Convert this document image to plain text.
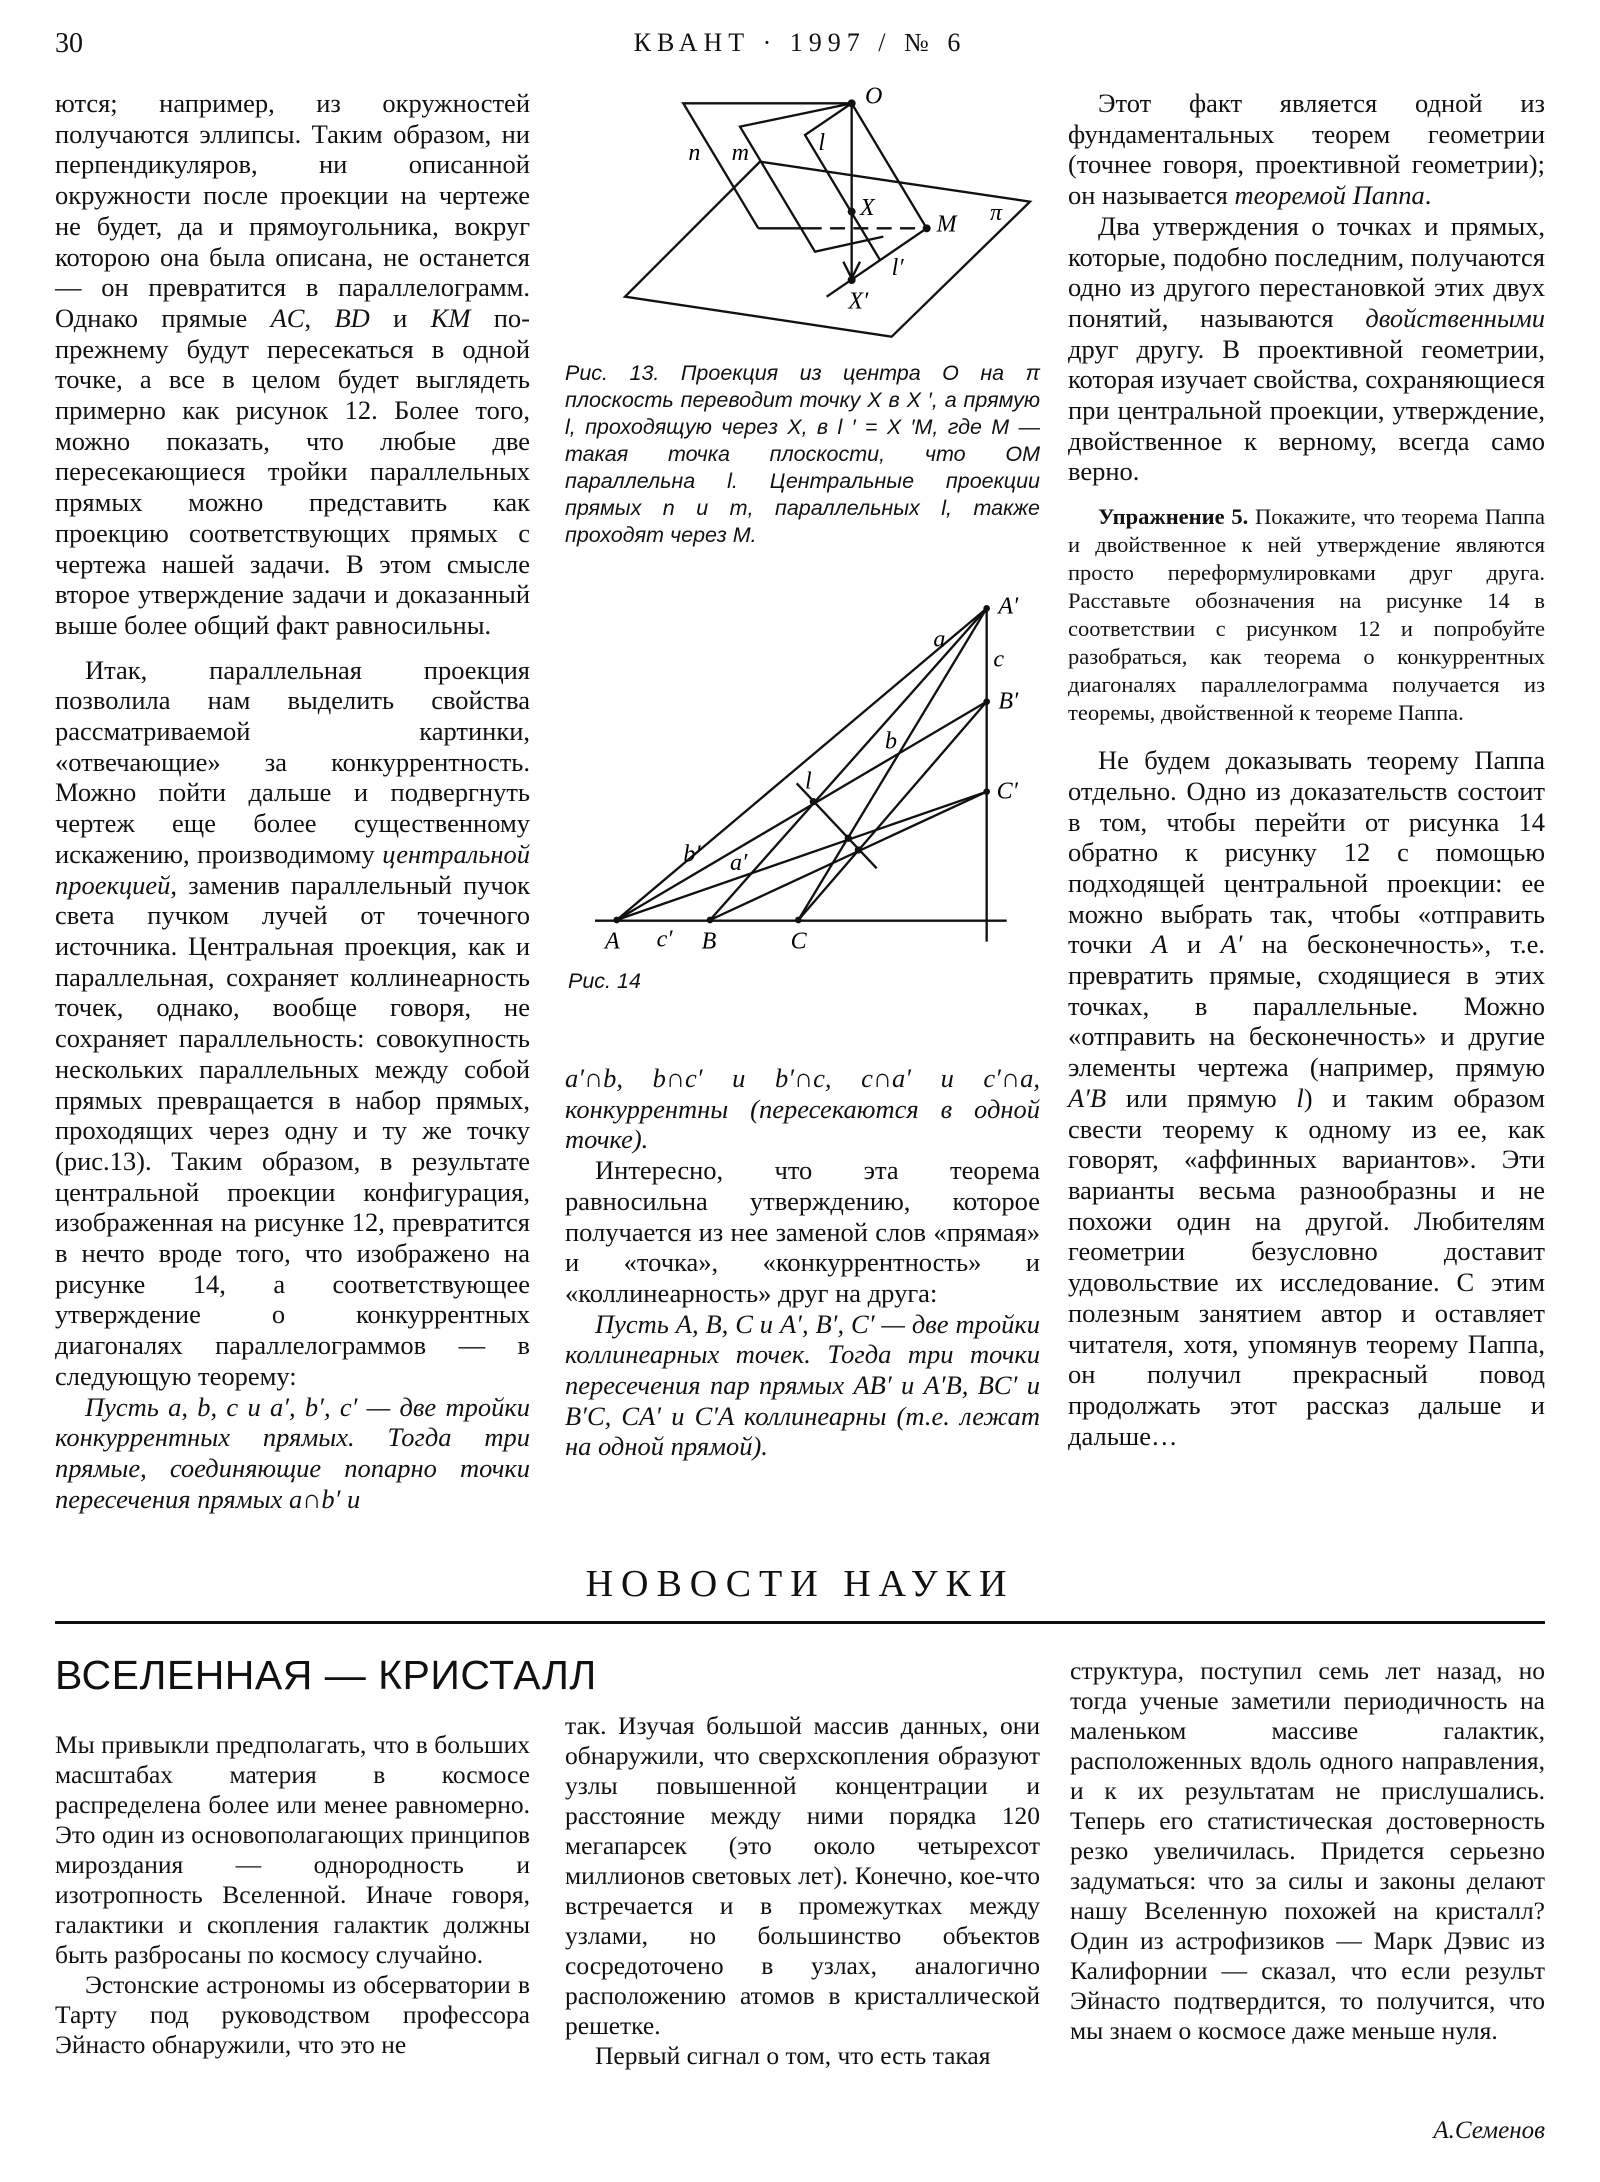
30	КВАНТ · 1997 / № 6

ются; например, из окружностей получаются эллипсы. Таким образом, ни перпендикуляров, ни описанной окружности после проекции на чертеже не будет, да и прямоугольника, вокруг которою она была описана, не останется — он превратится в параллелограмм. Однако прямые AC, BD и KM по-прежнему будут пересекаться в одной точке, а все в целом будет выглядеть примерно как рисунок 12. Более того, можно показать, что любые две пересекающиеся тройки параллельных прямых можно представить как проекцию соответствующих прямых с чертежа нашей задачи. В этом смысле второе утверждение задачи и доказанный выше более общий факт равносильны.

Итак, параллельная проекция позволила нам выделить свойства рассматриваемой картинки, «отвечающие» за конкуррентность. Можно пойти дальше и подвергнуть чертеж еще более существенному искажению, производимому центральной проекцией, заменив параллельный пучок света пучком лучей от точечного источника. Центральная проекция, как и параллельная, сохраняет коллинеарность точек, однако, вообще говоря, не сохраняет параллельность: совокупность нескольких параллельных между собой прямых превращается в набор прямых, проходящих через одну и ту же точку (рис.13). Таким образом, в результате центральной проекции конфигурация, изображенная на рисунке 12, превратится в нечто вроде того, что изображено на рисунке 14, а соответствующее утверждение о конкуррентных диагоналях параллелограммов — в следующую теорему:

Пусть a, b, c и a′, b′, c′ — две тройки конкуррентных прямых. Тогда три прямые, соединяющие попарно точки пересечения прямых a∩b′ и

O
n m l
X
M π
l′
X′
Рис. 13. Проекция из центра O на π плоскость переводит точку X в X ′, а прямую l, проходящую через X, в l ′ = X ′M, где M — такая точка плоскости, что OM параллельна l. Центральные проекции прямых n и m, параллельных l, также проходят через M.
A′
c
B′
C′
a
b
l
b′ a′
A c′ B C
Рис. 14

a′∩b, b∩c′ и b′∩c, c∩a′ и c′∩a, конкуррентны (пересекаются в одной точке).

Интересно, что эта теорема равносильна утверждению, которое получается из нее заменой слов «прямая» и «точка», «конкуррентность» и «коллинеарность» друг на друга:

Пусть A, B, C и A′, B′, C′ — две тройки коллинеарных точек. Тогда три точки пересечения пар прямых AB′ и A′B, BC′ и B′C, CA′ и C′A коллинеарны (т.е. лежат на одной прямой).

Этот факт является одной из фундаментальных теорем геометрии (точнее говоря, проективной геометрии); он называется теоремой Паппа.

Два утверждения о точках и прямых, которые, подобно последним, получаются одно из другого перестановкой этих двух понятий, называются двойственными друг другу. В проективной геометрии, которая изучает свойства, сохраняющиеся при центральной проекции, утверждение, двойственное к верному, всегда само верно.

Упражнение 5. Покажите, что теорема Паппа и двойственное к ней утверждение являются просто переформулировками друг друга. Расставьте обозначения на рисунке 14 в соответствии с рисунком 12 и попробуйте разобраться, как теорема о конкуррентных диагоналях параллелограмма получается из теоремы, двойственной к теореме Паппа.

Не будем доказывать теорему Паппа отдельно. Одно из доказательств состоит в том, чтобы перейти от рисунка 14 обратно к рисунку 12 с помощью подходящей центральной проекции: ее можно выбрать так, чтобы «отправить точки A и A′ на бесконечность», т.е. превратить прямые, сходящиеся в этих точках, в параллельные. Можно «отправить на бесконечность» и другие элементы чертежа (например, прямую A′B или прямую l) и таким образом свести теорему к одному из ее, как говорят, «аффинных вариантов». Эти варианты весьма разнообразны и не похожи один на другой. Любителям геометрии безусловно доставит удовольствие их исследование. С этим полезным занятием автор и оставляет читателя, хотя, упомянув теорему Паппа, он получил прекрасный повод продолжать этот рассказ дальше и дальше…

НОВОСТИ НАУКИ
ВСЕЛЕННАЯ — КРИСТАЛЛ

Мы привыкли предполагать, что в больших масштабах материя в космосе распределена более или менее равномерно. Это один из основополагающих принципов мироздания — однородность и изотропность Вселенной. Иначе говоря, галактики и скопления галактик должны быть разбросаны по космосу случайно.

Эстонские астрономы из обсерватории в Тарту под руководством профессора Эйнасто обнаружили, что это не

так. Изучая большой массив данных, они обнаружили, что сверхскопления образуют узлы повышенной концентрации и расстояние между ними порядка 120 мегапарсек (это около четырехсот миллионов световых лет). Конечно, кое-что встречается и в промежутках между узлами, но большинство объектов сосредоточено в узлах, аналогично расположению атомов в кристаллической решетке.

Первый сигнал о том, что есть такая

структура, поступил семь лет назад, но тогда ученые заметили периодичность на маленьком массиве галактик, расположенных вдоль одного направления, и к их результатам не прислушались. Теперь его статистическая достоверность резко увеличилась. Придется серьезно задуматься: что за силы и законы делают нашу Вселенную похожей на кристалл? Один из астрофизиков — Марк Дэвис из Калифорнии — сказал, что если результ Эйнасто подтвердится, то получится, что мы знаем о космосе даже меньше нуля.

А.Семенов
